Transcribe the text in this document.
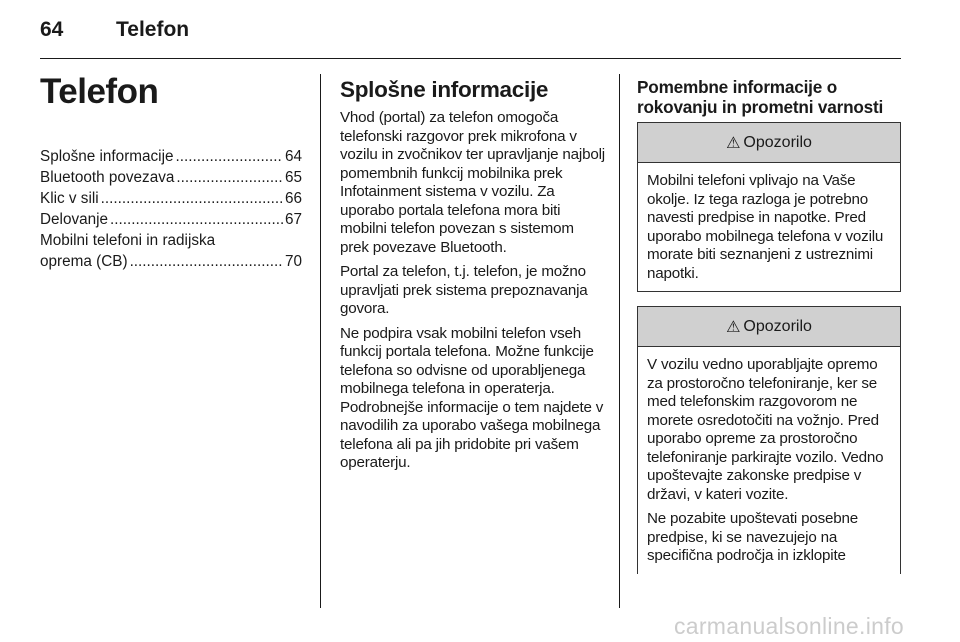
64	Telefon
Telefon
Splošne informacije .....	64
Bluetooth povezava .....	65
Klic v sili .....	66
Delovanje .....	67
Mobilni telefoni in radijska
oprema (CB) .....	70
Splošne informacije

Vhod (portal) za telefon omogoča telefonski razgovor prek mikrofona v vozilu in zvočnikov ter upravljanje najbolj pomembnih funkcij mobilnika prek Infotainment sistema v vozilu. Za uporabo portala telefona mora biti mobilni telefon povezan s sistemom prek povezave Bluetooth.

Portal za telefon, t.j. telefon, je možno upravljati prek sistema prepoznavanja govora.

Ne podpira vsak mobilni telefon vseh funkcij portala telefona. Možne funkcije telefona so odvisne od uporabljenega mobilnega telefona in operaterja. Podrobnejše informacije o tem najdete v navodilih za uporabo vašega mobilnega telefona ali pa jih pridobite pri vašem operaterju.

Pomembne informacije o rokovanju in prometni varnosti
⚠ Opozorilo

Mobilni telefoni vplivajo na Vaše okolje. Iz tega razloga je potrebno navesti predpise in napotke. Pred uporabo mobilnega telefona v vozilu morate biti seznanjeni z ustreznimi napotki.

⚠ Opozorilo

V vozilu vedno uporabljajte opremo za prostoročno telefoniranje, ker se med telefonskim razgovorom ne morete osredotočiti na vožnjo. Pred uporabo opreme za prostoročno telefoniranje parkirajte vozilo. Vedno upoštevajte zakonske predpise v državi, v kateri vozite.

Ne pozabite upoštevati posebne predpise, ki se navezujejo na specifična področja in izklopite

carmanualsonline.info
